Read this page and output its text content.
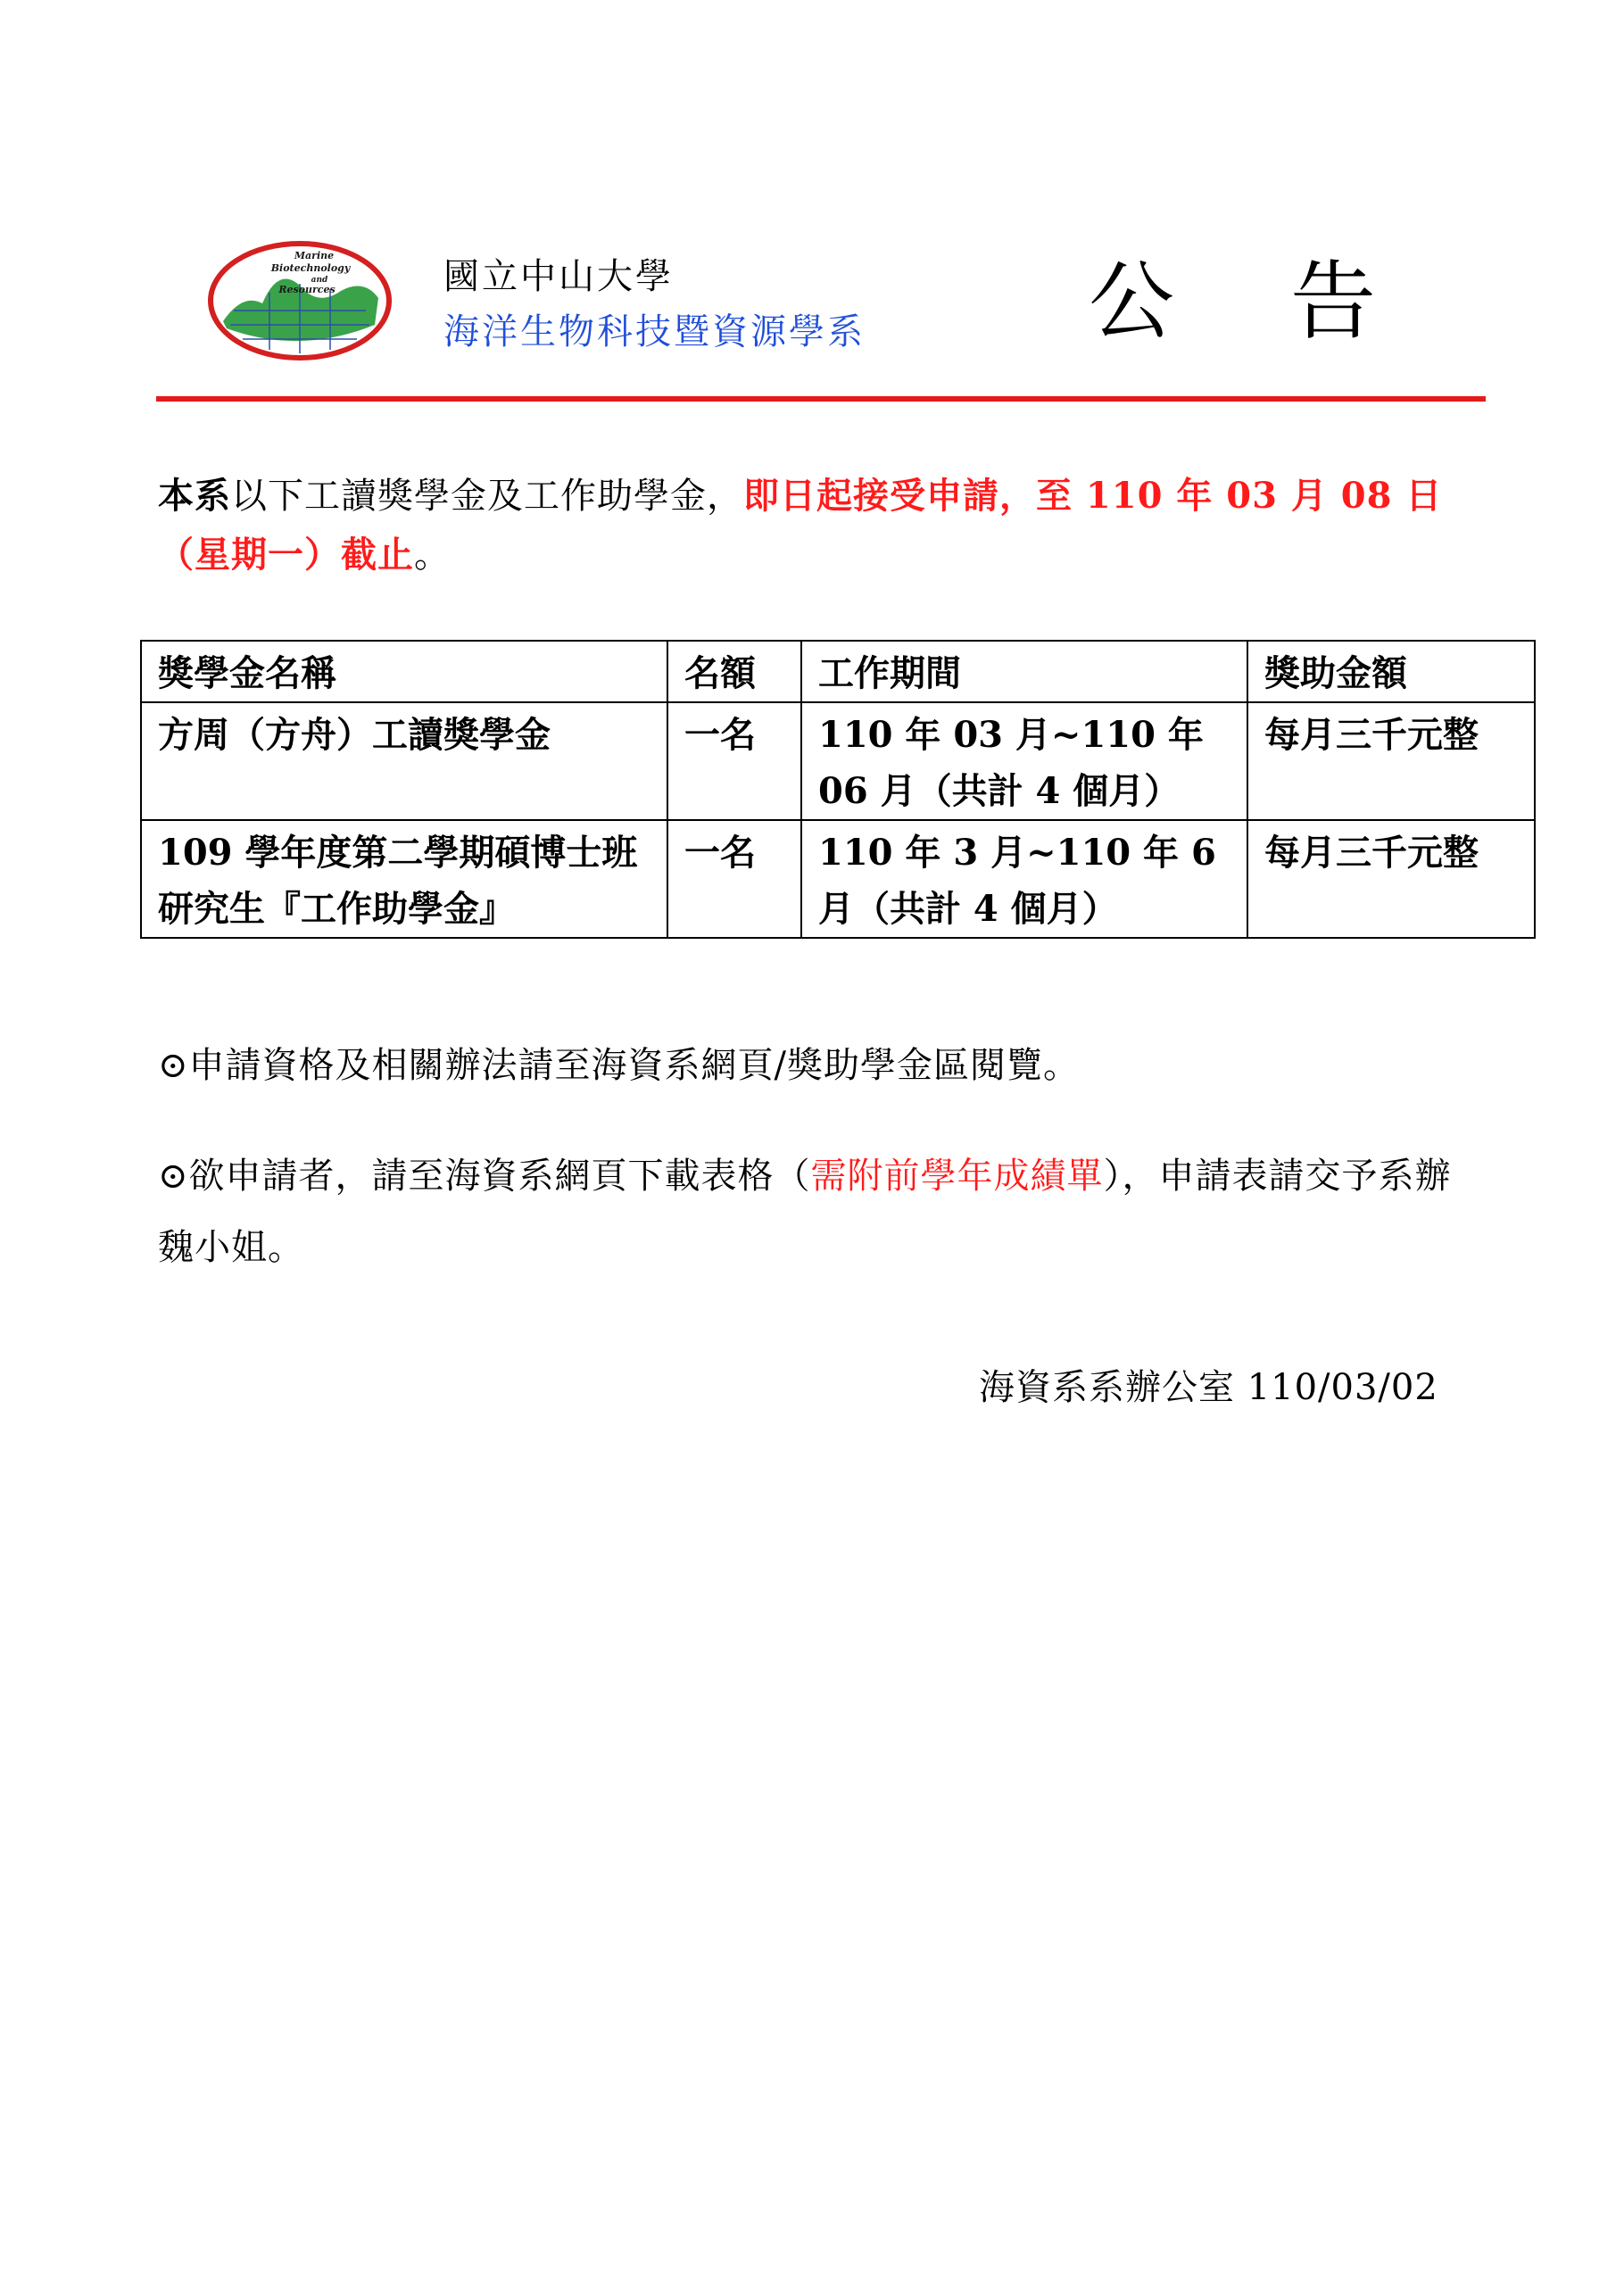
Marine
Biotechnology
and
Resources	國立中山大學
海洋生物科技暨資源學系	公告
本系以下工讀獎學金及工作助學金，即日起接受申請，至 110 年 03 月 08 日（星期一）截止。
獎學金名稱	名額	工作期間	獎助金額
方周（方舟）工讀獎學金	一名	110 年 03 月~110 年 06 月（共計 4 個月）	每月三千元整
109 學年度第二學期碩博士班研究生『工作助學金』	一名	110 年 3 月~110 年 6 月（共計 4 個月）	每月三千元整
⊙申請資格及相關辦法請至海資系網頁/獎助學金區閱覽。
⊙欲申請者，請至海資系網頁下載表格（需附前學年成績單），申請表請交予系辦魏小姐。
海資系系辦公室 110/03/02
